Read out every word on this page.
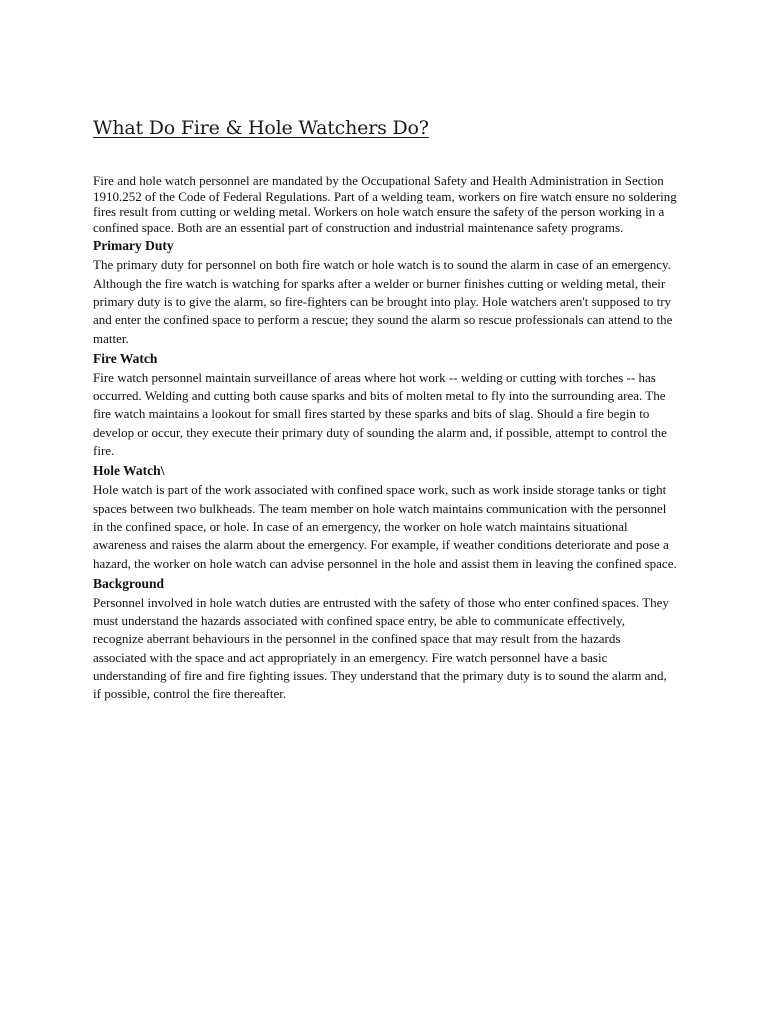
What Do Fire & Hole Watchers Do?

Fire and hole watch personnel are mandated by the Occupational Safety and Health Administration in Section 1910.252 of the Code of Federal Regulations. Part of a welding team, workers on fire watch ensure no soldering fires result from cutting or welding metal. Workers on hole watch ensure the safety of the person working in a confined space. Both are an essential part of construction and industrial maintenance safety programs.

Primary Duty

The primary duty for personnel on both fire watch or hole watch is to sound the alarm in case of an emergency. Although the fire watch is watching for sparks after a welder or burner finishes cutting or welding metal, their primary duty is to give the alarm, so fire-fighters can be brought into play. Hole watchers aren't supposed to try and enter the confined space to perform a rescue; they sound the alarm so rescue professionals can attend to the matter.

Fire Watch

Fire watch personnel maintain surveillance of areas where hot work -- welding or cutting with torches -- has occurred. Welding and cutting both cause sparks and bits of molten metal to fly into the surrounding area. The fire watch maintains a lookout for small fires started by these sparks and bits of slag. Should a fire begin to develop or occur, they execute their primary duty of sounding the alarm and, if possible, attempt to control the fire.

Hole Watch\

Hole watch is part of the work associated with confined space work, such as work inside storage tanks or tight spaces between two bulkheads. The team member on hole watch maintains communication with the personnel in the confined space, or hole. In case of an emergency, the worker on hole watch maintains situational awareness and raises the alarm about the emergency. For example, if weather conditions deteriorate and pose a hazard, the worker on hole watch can advise personnel in the hole and assist them in leaving the confined space.

Background

Personnel involved in hole watch duties are entrusted with the safety of those who enter confined spaces. They must understand the hazards associated with confined space entry, be able to communicate effectively, recognize aberrant behaviours in the personnel in the confined space that may result from the hazards associated with the space and act appropriately in an emergency. Fire watch personnel have a basic understanding of fire and fire fighting issues. They understand that the primary duty is to sound the alarm and, if possible, control the fire thereafter.
